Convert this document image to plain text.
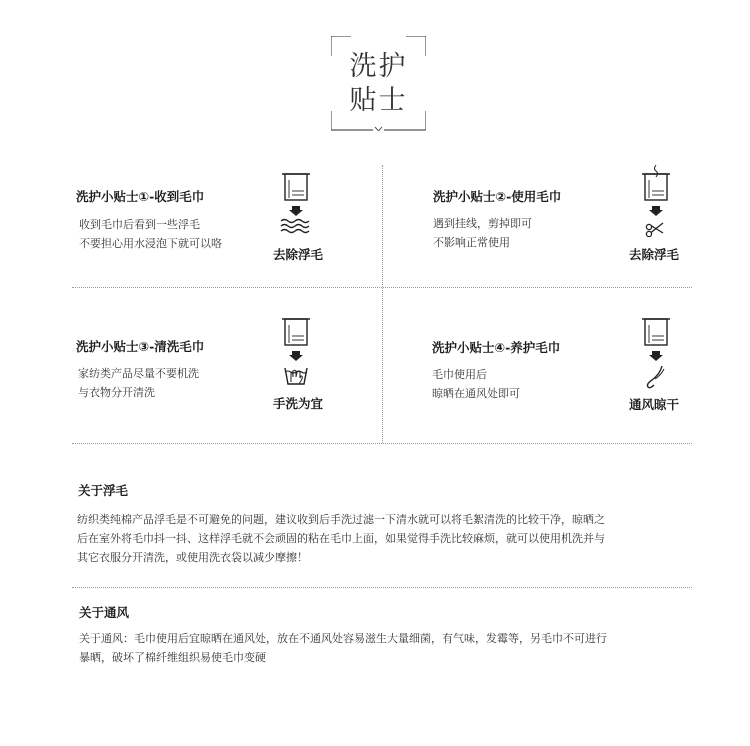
洗护
贴士
洗护小贴士①-收到毛巾
收到毛巾后看到一些浮毛
不要担心用水浸泡下就可以咯
去除浮毛
洗护小贴士②-使用毛巾
遇到挂线，剪掉即可
不影响正常使用
去除浮毛
洗护小贴士③-清洗毛巾
家纺类产品尽量不要机洗
与衣物分开清洗
手洗为宜
洗护小贴士④-养护毛巾
毛巾使用后
晾晒在通风处即可
通风晾干
关于浮毛
纺织类纯棉产品浮毛是不可避免的问题，建议收到后手洗过滤一下清水就可以将毛絮清洗的比较干净，晾晒之
后在室外将毛巾抖一抖、这样浮毛就不会顽固的粘在毛巾上面，如果觉得手洗比较麻烦，就可以使用机洗并与
其它衣服分开清洗，或使用洗衣袋以减少摩擦！
关于通风
关于通风：毛巾使用后宜晾晒在通风处，放在不通风处容易滋生大量细菌，有气味，发霉等，另毛巾不可进行
暴晒，破坏了棉纤维组织易使毛巾变硬
